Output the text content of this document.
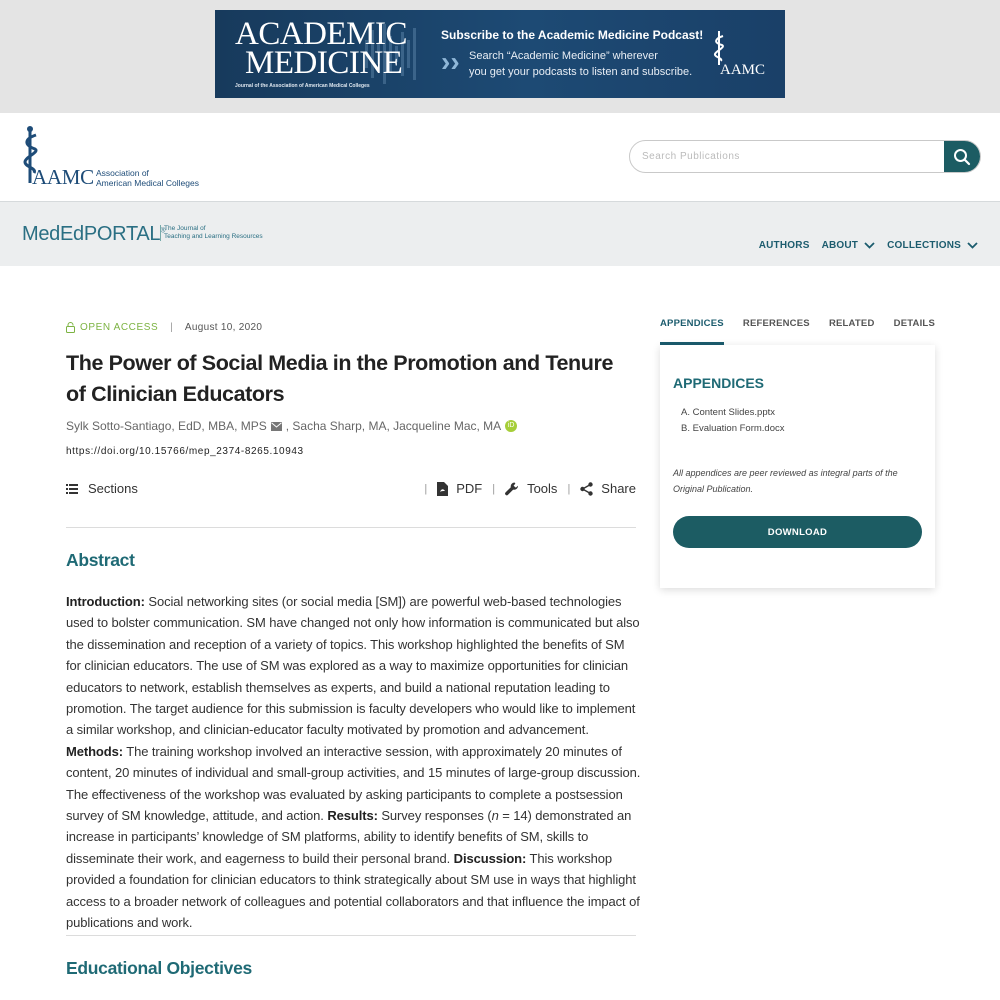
ACADEMIC
MEDICINE
Journal of the Association of American Medical Colleges
Subscribe to the Academic Medicine Podcast!
›› Search “Academic Medicine” wherever
you get your podcasts to listen and subscribe. AAMC
AAMC Association of
American Medical Colleges
Search Publications
MedEdPORTAL®
The Journal of
Teaching and Learning Resources
AUTHORS ABOUT	COLLECTIONS
OPEN ACCESS | August 10, 2020
The Power of Social Media in the Promotion and Tenure of Clinician Educators
Sylk Sotto-Santiago, EdD, MBA, MPS , Sacha Sharp, MA, Jacqueline Mac, MA iD
https://doi.org/10.15766/mep_2374-8265.10943
Sections	| PDF | Tools | Share
Abstract

Introduction: Social networking sites (or social media [SM]) are powerful web-based technologies used to bolster communication. SM have changed not only how information is communicated but also the dissemination and reception of a variety of topics. This workshop highlighted the benefits of SM for clinician educators. The use of SM was explored as a way to maximize opportunities for clinician educators to network, establish themselves as experts, and build a national reputation leading to promotion. The target audience for this submission is faculty developers who would like to implement a similar workshop, and clinician-educator faculty motivated by promotion and advancement. Methods: The training workshop involved an interactive session, with approximately 20 minutes of content, 20 minutes of individual and small-group activities, and 15 minutes of large-group discussion. The effectiveness of the workshop was evaluated by asking participants to complete a postsession survey of SM knowledge, attitude, and action. Results: Survey responses (n = 14) demonstrated an increase in participants’ knowledge of SM platforms, ability to identify benefits of SM, skills to disseminate their work, and eagerness to build their personal brand. Discussion: This workshop provided a foundation for clinician educators to think strategically about SM use in ways that highlight access to a broader network of colleagues and potential collaborators and that influence the impact of publications and work.

Educational Objectives
APPENDICES REFERENCES RELATED DETAILS
APPENDICES
A. Content Slides.pptx
B. Evaluation Form.docx
All appendices are peer reviewed as integral parts of the Original Publication.
DOWNLOAD
